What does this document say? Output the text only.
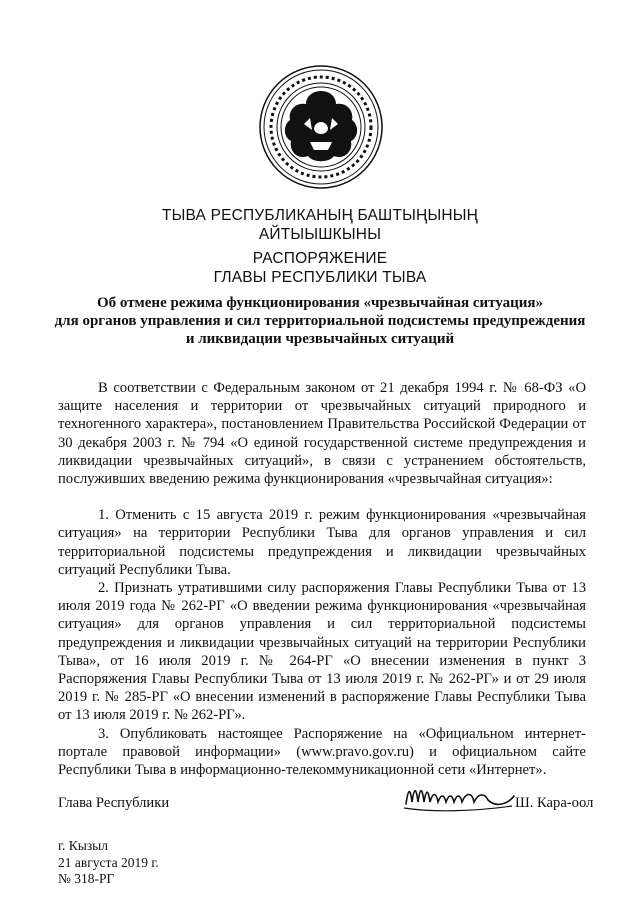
ТЫВА РЕСПУБЛИКАНЫҢ БАШТЫҢЫНЫҢ
АЙТЫЫШКЫНЫ
РАСПОРЯЖЕНИЕ
ГЛАВЫ РЕСПУБЛИКИ ТЫВА
Об отмене режима функционирования «чрезвычайная ситуация»
для органов управления и сил территориальной подсистемы предупреждения
и ликвидации чрезвычайных ситуаций

В соответствии с Федеральным законом от 21 декабря 1994 г. № 68-ФЗ «О защите населения и территории от чрезвычайных ситуаций природного и техногенного характера», постановлением Правительства Российской Федерации от 30 декабря 2003 г. № 794 «О единой государственной системе предупреждения и ликвидации чрезвычайных ситуаций», в связи с устранением обстоятельств, послуживших введению режима функционирования «чрезвычайная ситуация»:

1. Отменить с 15 августа 2019 г. режим функционирования «чрезвычайная ситуация» на территории Республики Тыва для органов управления и сил территориальной подсистемы предупреждения и ликвидации чрезвычайных ситуаций Республики Тыва.

2. Признать утратившими силу распоряжения Главы Республики Тыва от 13 июля 2019 года № 262-РГ «О введении режима функционирования «чрезвычайная ситуация» для органов управления и сил территориальной подсистемы предупреждения и ликвидации чрезвычайных ситуаций на территории Республики Тыва», от 16 июля 2019 г. № 264-РГ «О внесении изменения в пункт 3 Распоряжения Главы Республики Тыва от 13 июля 2019 г. № 262-РГ» и от 29 июля 2019 г. № 285-РГ «О внесении изменений в распоряжение Главы Республики Тыва от 13 июля 2019 г. № 262-РГ».

3. Опубликовать настоящее Распоряжение на «Официальном интернет-портале правовой информации» (www.pravo.gov.ru) и официальном сайте Республики Тыва в информационно-телекоммуникационной сети «Интернет».

Глава Республики	Ш. Кара-оол
г. Кызыл
21 августа 2019 г.
№ 318-РГ
